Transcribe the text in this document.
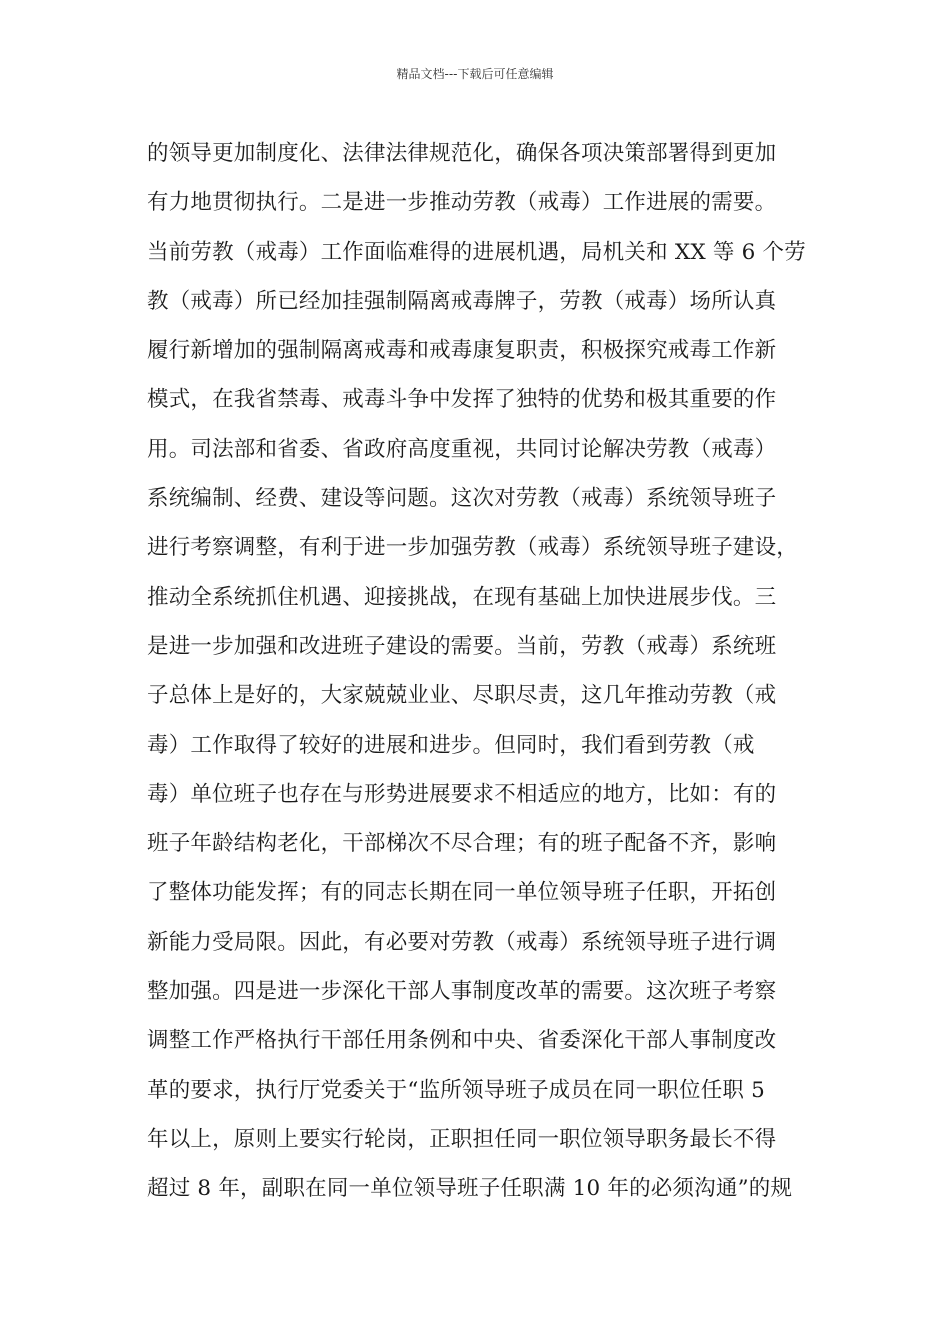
精品文档---下载后可任意编辑
的领导更加制度化、法律法律规范化，确保各项决策部署得到更加
有力地贯彻执行。二是进一步推动劳教（戒毒）工作进展的需要。
当前劳教（戒毒）工作面临难得的进展机遇，局机关和 XX 等 6 个劳
教（戒毒）所已经加挂强制隔离戒毒牌子，劳教（戒毒）场所认真
履行新增加的强制隔离戒毒和戒毒康复职责，积极探究戒毒工作新
模式，在我省禁毒、戒毒斗争中发挥了独特的优势和极其重要的作
用。司法部和省委、省政府高度重视，共同讨论解决劳教（戒毒）
系统编制、经费、建设等问题。这次对劳教（戒毒）系统领导班子
进行考察调整，有利于进一步加强劳教（戒毒）系统领导班子建设，
推动全系统抓住机遇、迎接挑战，在现有基础上加快进展步伐。三
是进一步加强和改进班子建设的需要。当前，劳教（戒毒）系统班
子总体上是好的，大家兢兢业业、尽职尽责，这几年推动劳教（戒
毒）工作取得了较好的进展和进步。但同时，我们看到劳教（戒
毒）单位班子也存在与形势进展要求不相适应的地方，比如：有的
班子年龄结构老化，干部梯次不尽合理；有的班子配备不齐，影响
了整体功能发挥；有的同志长期在同一单位领导班子任职，开拓创
新能力受局限。因此，有必要对劳教（戒毒）系统领导班子进行调
整加强。四是进一步深化干部人事制度改革的需要。这次班子考察
调整工作严格执行干部任用条例和中央、省委深化干部人事制度改
革的要求，执行厅党委关于“监所领导班子成员在同一职位任职 5
年以上，原则上要实行轮岗，正职担任同一职位领导职务最长不得
超过 8 年，副职在同一单位领导班子任职满 10 年的必须沟通”的规
